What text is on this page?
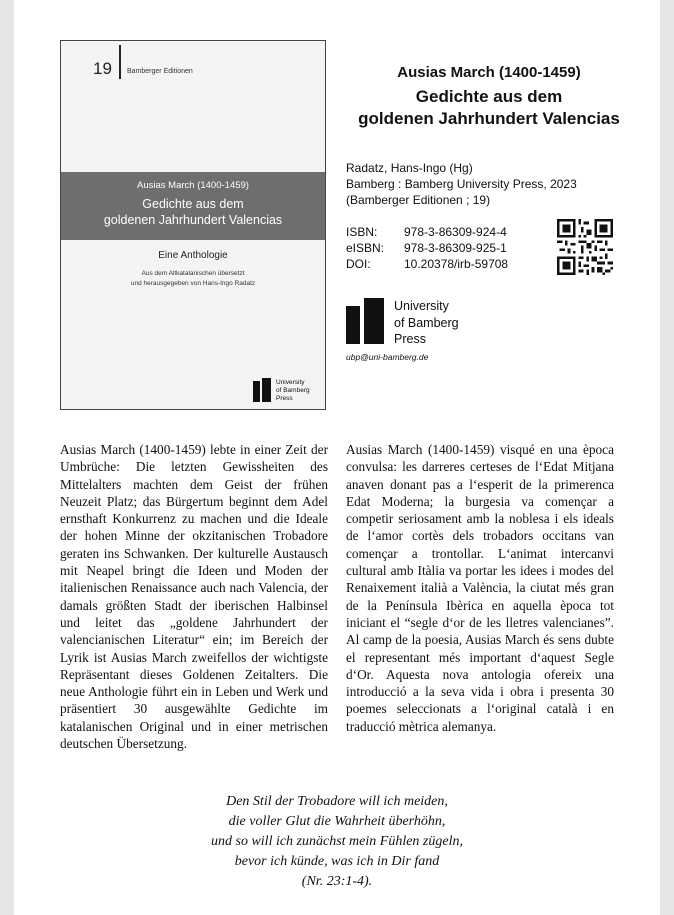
19 Bamberger Editionen
Ausias March (1400-1459)
Gedichte aus dem
goldenen Jahrhundert Valencias
Eine Anthologie
Aus dem Altkatalanischen übersetzt
und herausgegeben von Hans-Ingo Radatz
University
of Bamberg
Press
Ausias March (1400-1459)
Gedichte aus dem
goldenen Jahrhundert Valencias
Radatz, Hans-Ingo (Hg)
Bamberg : Bamberg University Press, 2023
(Bamberger Editionen ; 19)
ISBN: 978-3-86309-924-4
eISBN: 978-3-86309-925-1
DOI:	10.20378/irb-59708
University
of Bamberg
Press
ubp@uni-bamberg.de
Ausias March (1400-1459) lebte in einer Zeit der Umbrüche: Die letzten Gewissheiten des Mittelalters machten dem Geist der frühen Neuzeit Platz; das Bürgertum beginnt dem Adel ernsthaft Konkurrenz zu machen und die Ideale der hohen Minne der okzitanischen Trobadore geraten ins Schwanken. Der kulturelle Austausch mit Neapel bringt die Ideen und Moden der italienischen Renaissance auch nach Valencia, der damals größten Stadt der iberischen Halbinsel und leitet das „goldene Jahrhundert der valencianischen Literatur“ ein; im Bereich der Lyrik ist Ausias March zweifellos der wichtigste Repräsentant dieses Goldenen Zeitalters. Die neue Anthologie führt ein in Leben und Werk und präsentiert 30 ausgewählte Gedichte im katalanischen Original und in einer metrischen deutschen Übersetzung.
Ausias March (1400-1459) visqué en una època convulsa: les darreres certeses de l‘Edat Mitjana anaven donant pas a l‘esperit de la primerenca Edat Moderna; la burgesia va començar a competir seriosament amb la noblesa i els ideals de l‘amor cortès dels trobadors occitans van començar a trontollar. L‘animat intercanvi cultural amb Itàlia va portar les idees i modes del Renaixement italià a València, la ciutat més gran de la Península Ibèrica en aquella època tot iniciant el “segle d‘or de les lletres valencianes”. Al camp de la poesia, Ausias March és sens dubte el representant més important d‘aquest Segle d‘Or. Aquesta nova antologia ofereix una introducció a la seva vida i obra i presenta 30 poemes seleccionats a l‘original català i en traducció mètrica alemanya.
Den Stil der Trobadore will ich meiden,
die voller Glut die Wahrheit überhöhn,
und so will ich zunächst mein Fühlen zügeln,
bevor ich künde, was ich in Dir fand
(Nr. 23:1-4).
